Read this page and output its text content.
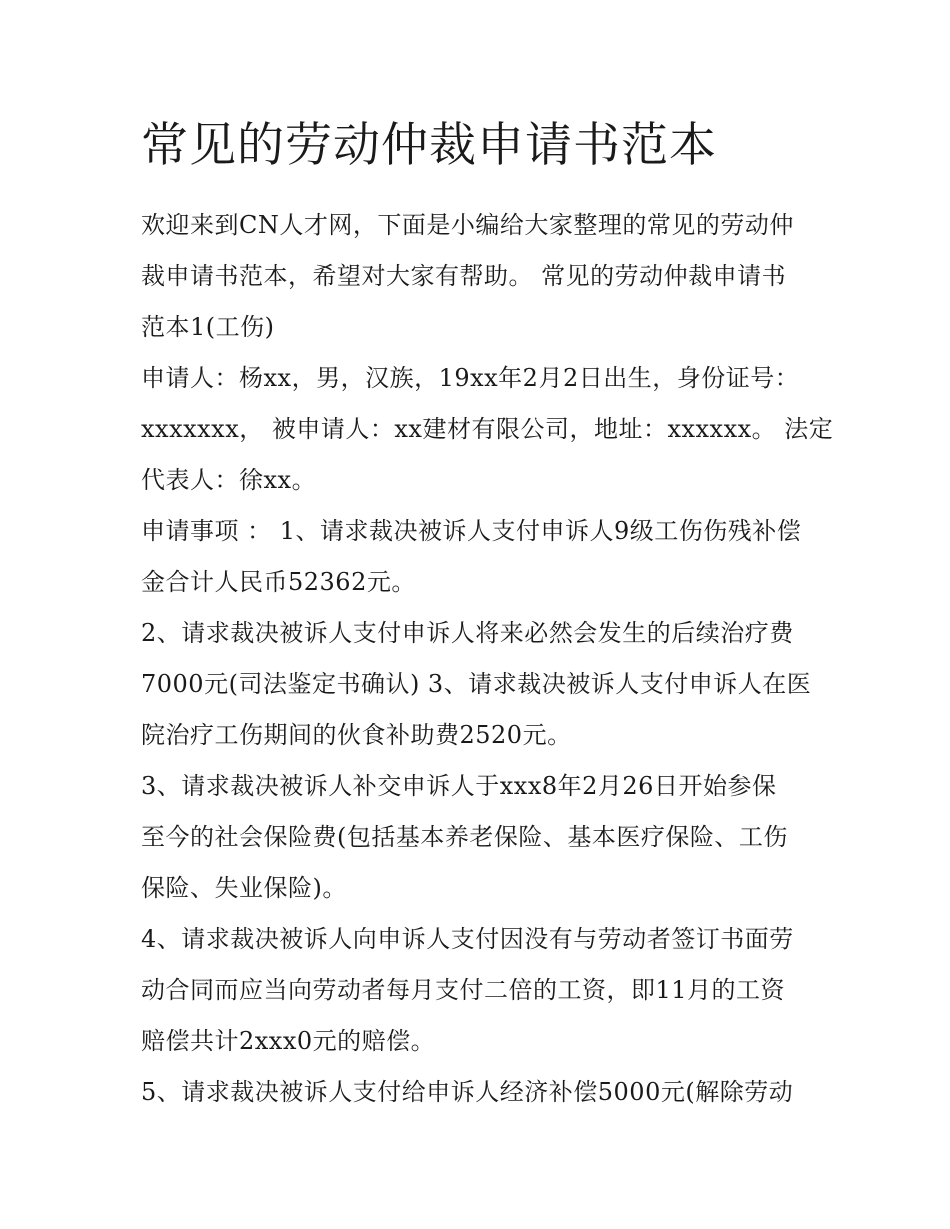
常见的劳动仲裁申请书范本

欢迎来到CN人才网，下面是小编给大家整理的常见的劳动仲
裁申请书范本，希望对大家有帮助。 常见的劳动仲裁申请书
范本1(工伤)

申请人：杨xx，男，汉族，19xx年2月2日出生，身份证号：
xxxxxxx， 被申请人：xx建材有限公司，地址：xxxxxx。 法定
代表人：徐xx。

申请事项 ： 1、请求裁决被诉人支付申诉人9级工伤伤残补偿
金合计人民币52362元。

2、请求裁决被诉人支付申诉人将来必然会发生的后续治疗费
7000元(司法鉴定书确认) 3、请求裁决被诉人支付申诉人在医
院治疗工伤期间的伙食补助费2520元。

3、请求裁决被诉人补交申诉人于xxx8年2月26日开始参保
至今的社会保险费(包括基本养老保险、基本医疗保险、工伤
保险、失业保险)。

4、请求裁决被诉人向申诉人支付因没有与劳动者签订书面劳
动合同而应当向劳动者每月支付二倍的工资，即11月的工资
赔偿共计2xxx0元的赔偿。

5、请求裁决被诉人支付给申诉人经济补偿5000元(解除劳动
